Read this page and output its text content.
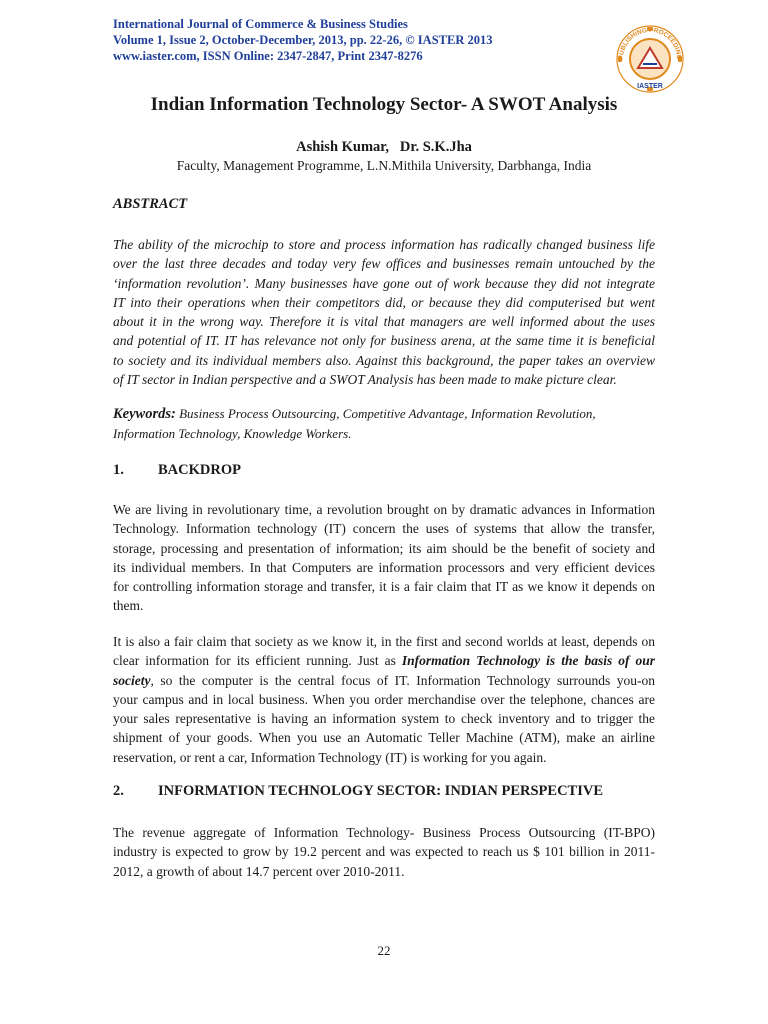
International Journal of Commerce & Business Studies
Volume 1, Issue 2, October-December, 2013, pp. 22-26, © IASTER 2013
www.iaster.com, ISSN Online: 2347-2847, Print 2347-8276	PUBLISHING PROCEEDING
IASTER
Indian Information Technology Sector- A SWOT Analysis
Ashish Kumar,   Dr. S.K.Jha
Faculty, Management Programme, L.N.Mithila University, Darbhanga, India
ABSTRACT
The ability of the microchip to store and process information has radically changed business life
over the last three decades and today very few offices and businesses remain untouched by the
‘information revolution’. Many businesses have gone out of work because they did not integrate
IT into their operations when their competitors did, or because they did computerised but went
about it in the wrong way. Therefore it is vital that managers are well informed about the uses
and potential of IT. IT has relevance not only for business arena, at the same time it is beneficial
to society and its individual members also. Against this background, the paper takes an overview
of IT sector in Indian perspective and a SWOT Analysis has been made to make picture clear.
Keywords: Business Process Outsourcing, Competitive Advantage, Information Revolution,
Information Technology, Knowledge Workers.
1. BACKDROP
We are living in revolutionary time, a revolution brought on by dramatic advances in Information
Technology. Information technology (IT) concern the uses of systems that allow the transfer,
storage, processing and presentation of information; its aim should be the benefit of society and
its individual members. In that Computers are information processors and very efficient devices
for controlling information storage and transfer, it is a fair claim that IT as we know it depends on
them.
It is also a fair claim that society as we know it, in the first and second worlds at least, depends on
clear information for its efficient running. Just as Information Technology is the basis of our
society, so the computer is the central focus of IT. Information Technology surrounds you-on
your campus and in local business. When you order merchandise over the telephone, chances are
your sales representative is having an information system to check inventory and to trigger the
shipment of your goods. When you use an Automatic Teller Machine (ATM), make an airline
reservation, or rent a car, Information Technology (IT) is working for you again.
2. INFORMATION TECHNOLOGY SECTOR: INDIAN PERSPECTIVE
The revenue aggregate of Information Technology- Business Process Outsourcing (IT-BPO)
industry is expected to grow by 19.2 percent and was expected to reach us $ 101 billion in 2011-
2012, a growth of about 14.7 percent over 2010-2011.
22
